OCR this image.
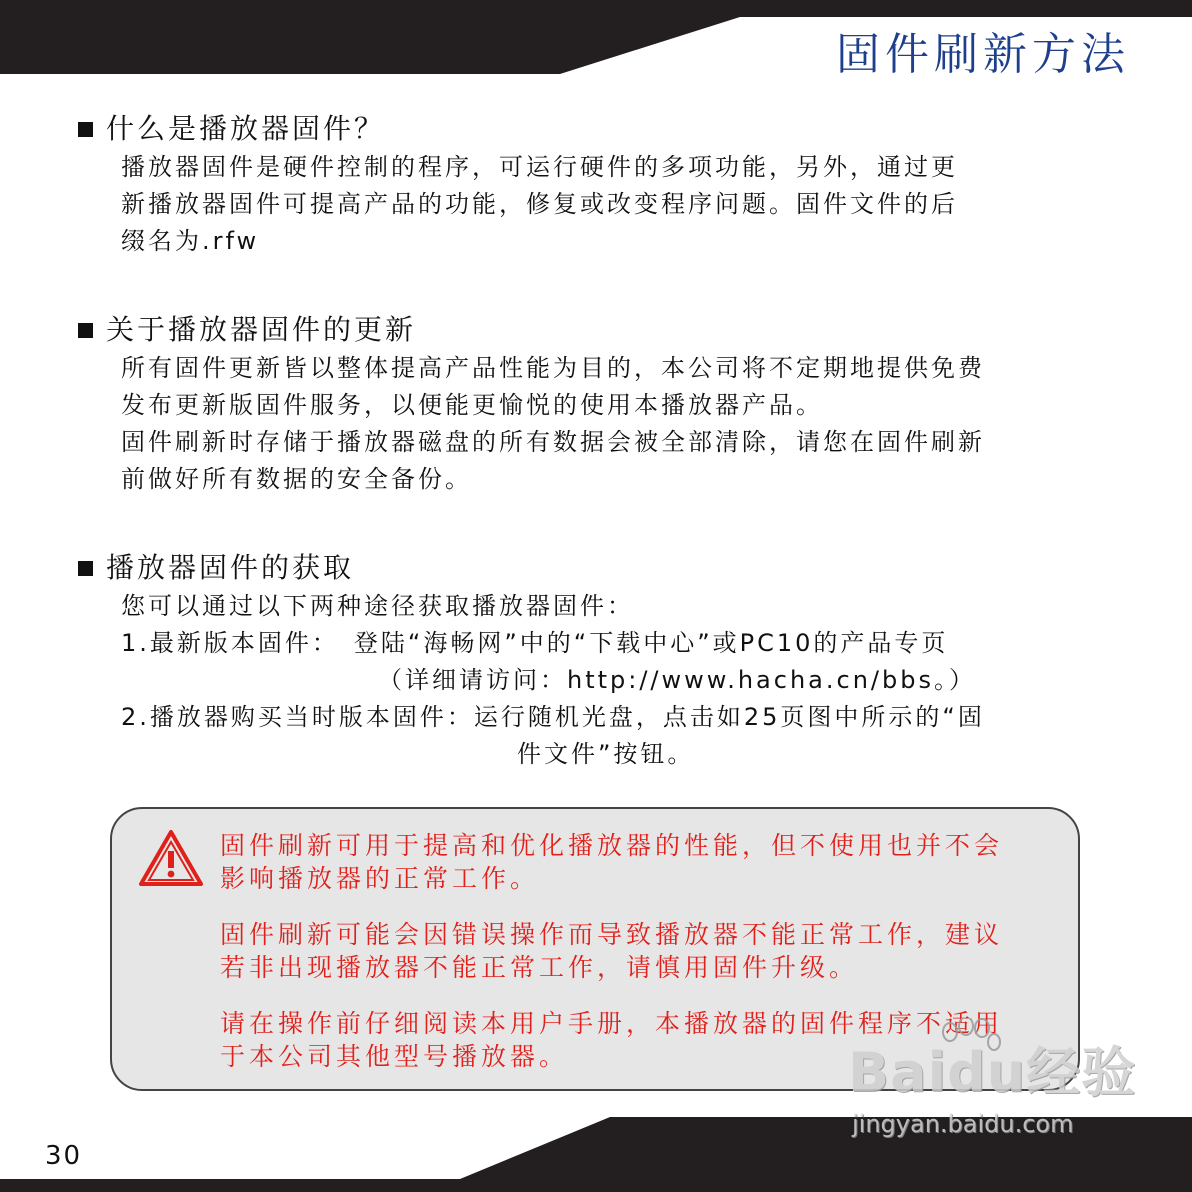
固件刷新方法
什么是播放器固件？
播放器固件是硬件控制的程序，可运行硬件的多项功能，另外，通过更
新播放器固件可提高产品的功能，修复或改变程序问题。固件文件的后
缀名为.rfw
关于播放器固件的更新
所有固件更新皆以整体提高产品性能为目的，本公司将不定期地提供免费
发布更新版固件服务，以便能更愉悦的使用本播放器产品。
固件刷新时存储于播放器磁盘的所有数据会被全部清除，请您在固件刷新
前做好所有数据的安全备份。
播放器固件的获取
您可以通过以下两种途径获取播放器固件：
1.最新版本固件：　登陆“海畅网”中的“下载中心”或PC10的产品专页
（详细请访问：http://www.hacha.cn/bbs。）
2.播放器购买当时版本固件：运行随机光盘，点击如25页图中所示的“固
件文件”按钮。

固件刷新可用于提高和优化播放器的性能，但不使用也并不会
影响播放器的正常工作。

固件刷新可能会因错误操作而导致播放器不能正常工作，建议
若非出现播放器不能正常工作，请慎用固件升级。

请在操作前仔细阅读本用户手册，本播放器的固件程序不适用
于本公司其他型号播放器。

30
Baidu经验
jingyan.baidu.com
